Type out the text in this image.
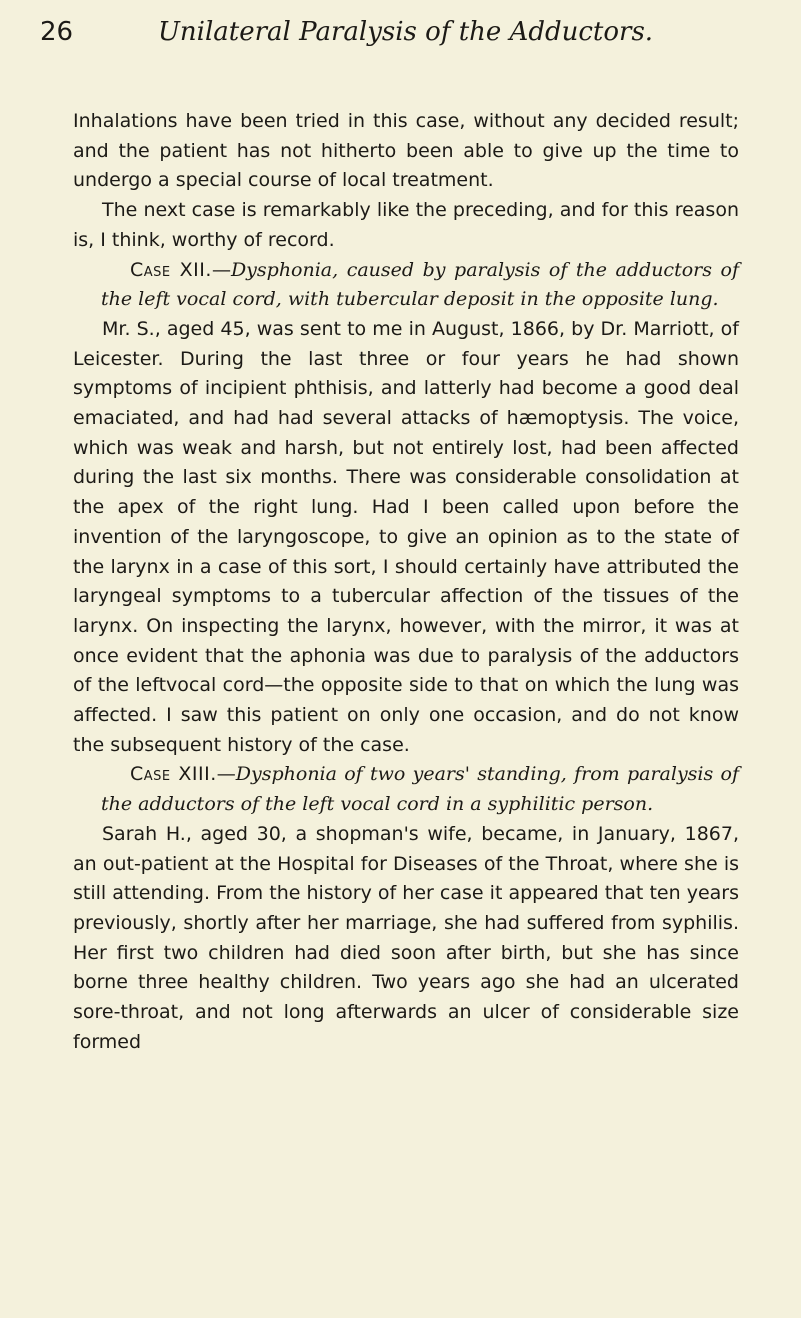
26	Unilateral Paralysis of the Adductors.

Inhalations have been tried in this case, without any decided result; and the patient has not hitherto been able to give up the time to undergo a special course of local treatment.

The next case is remarkably like the preceding, and for this reason is, I think, worthy of record.

Case XII.—Dysphonia, caused by paralysis of the adductors of the left vocal cord, with tubercular deposit in the opposite lung.

Mr. S., aged 45, was sent to me in August, 1866, by Dr. Marriott, of Leicester. During the last three or four years he had shown symptoms of incipient phthisis, and latterly had become a good deal emaciated, and had had several attacks of hæmoptysis. The voice, which was weak and harsh, but not entirely lost, had been affected during the last six months. There was considerable consolidation at the apex of the right lung. Had I been called upon before the invention of the laryngoscope, to give an opinion as to the state of the larynx in a case of this sort, I should certainly have attributed the laryngeal symptoms to a tubercular affection of the tissues of the larynx. On inspecting the larynx, however, with the mirror, it was at once evident that the aphonia was due to paralysis of the adductors of the leftvocal cord—the opposite side to that on which the lung was affected. I saw this patient on only one occasion, and do not know the subsequent history of the case.

Case XIII.—Dysphonia of two years' standing, from paralysis of the adductors of the left vocal cord in a syphilitic person.

Sarah H., aged 30, a shopman's wife, became, in January, 1867, an out-patient at the Hospital for Diseases of the Throat, where she is still attending. From the history of her case it appeared that ten years previously, shortly after her marriage, she had suffered from syphilis. Her first two children had died soon after birth, but she has since borne three healthy children. Two years ago she had an ulcerated sore-throat, and not long afterwards an ulcer of considerable size formed
